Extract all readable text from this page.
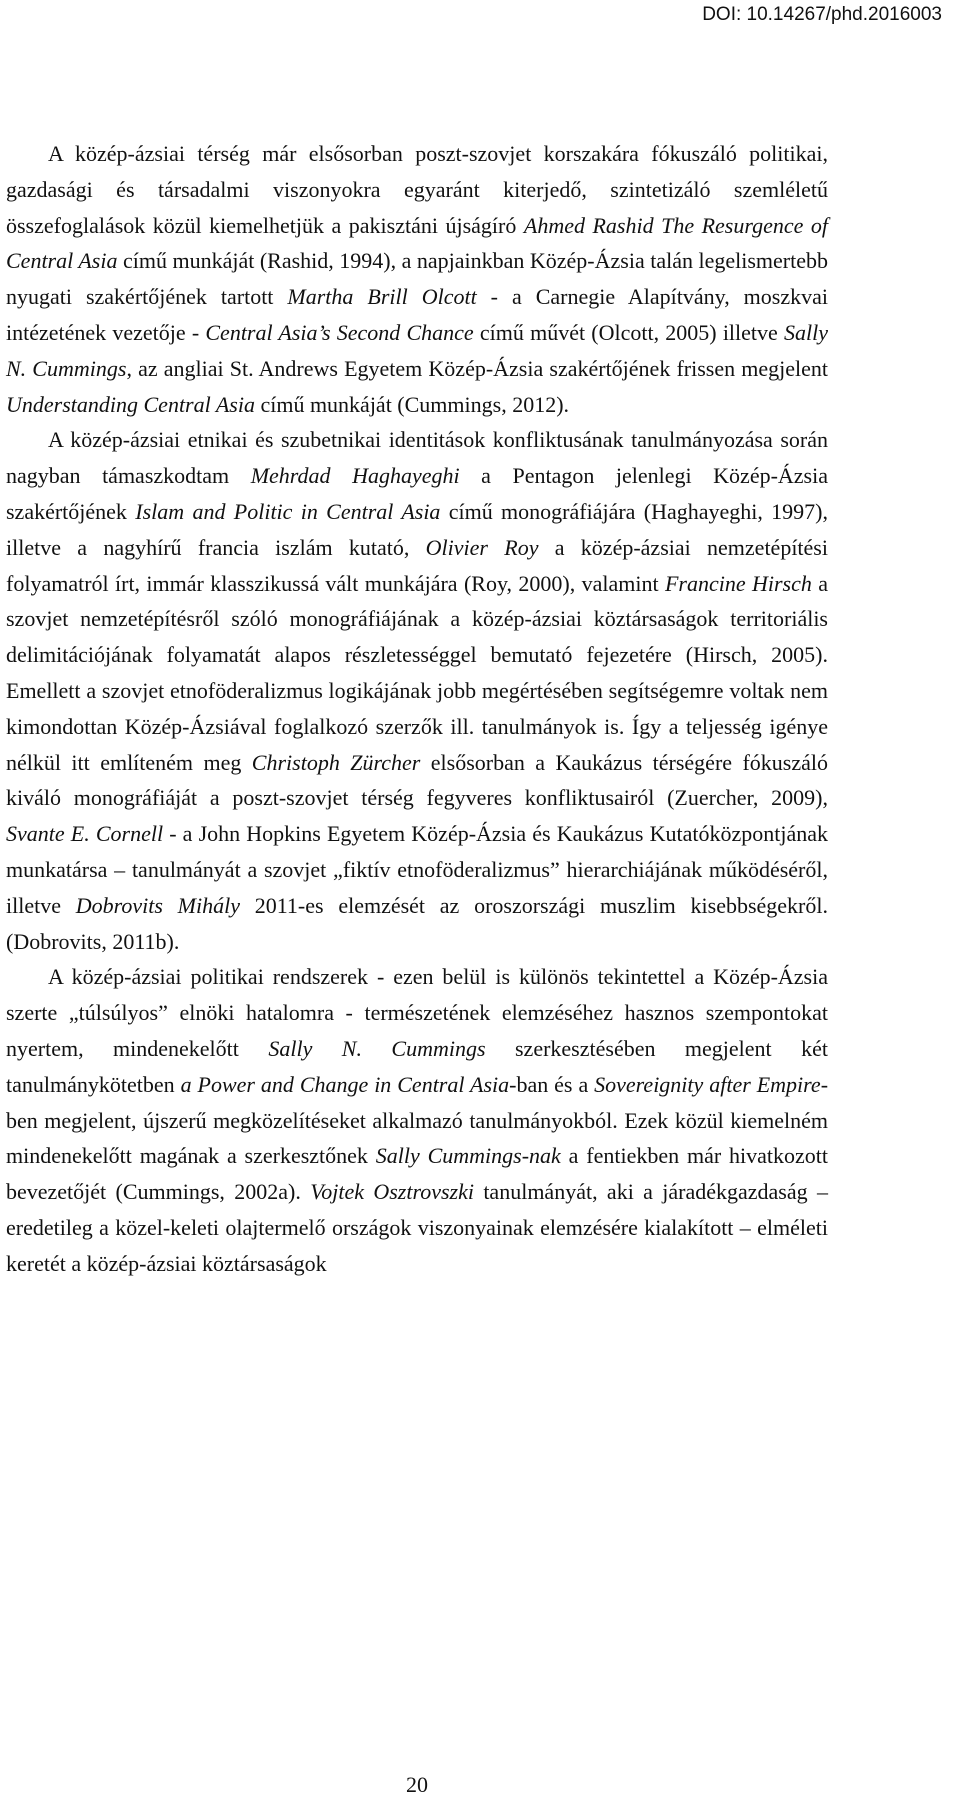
DOI: 10.14267/phd.2016003

A közép-ázsiai térség már elsősorban poszt-szovjet korszakára fókuszáló politikai, gazdasági és társadalmi viszonyokra egyaránt kiterjedő, szintetizáló szemléletű összefoglalások közül kiemelhetjük a pakisztáni újságíró Ahmed Rashid The Resurgence of Central Asia című munkáját (Rashid, 1994), a napjainkban Közép-Ázsia talán legelismertebb nyugati szakértőjének tartott Martha Brill Olcott - a Carnegie Alapítvány, moszkvai intézetének vezetője - Central Asia’s Second Chance című művét (Olcott, 2005) illetve Sally N. Cummings, az angliai St. Andrews Egyetem Közép-Ázsia szakértőjének frissen megjelent Understanding Central Asia című munkáját (Cummings, 2012).

A közép-ázsiai etnikai és szubetnikai identitások konfliktusának tanulmányozása során nagyban támaszkodtam Mehrdad Haghayeghi a Pentagon jelenlegi Közép-Ázsia szakértőjének Islam and Politic in Central Asia című monográfiájára (Haghayeghi, 1997), illetve a nagyhírű francia iszlám kutató, Olivier Roy a közép-ázsiai nemzetépítési folyamatról írt, immár klasszikussá vált munkájára (Roy, 2000), valamint Francine Hirsch a szovjet nemzetépítésről szóló monográfiájának a közép-ázsiai köztársaságok territoriális delimitációjának folyamatát alapos részletességgel bemutató fejezetére (Hirsch, 2005). Emellett a szovjet etnoföderalizmus logikájának jobb megértésében segítségemre voltak nem kimondottan Közép-Ázsiával foglalkozó szerzők ill. tanulmányok is. Így a teljesség igénye nélkül itt említeném meg Christoph Zürcher elsősorban a Kaukázus térségére fókuszáló kiváló monográfiáját a poszt-szovjet térség fegyveres konfliktusairól (Zuercher, 2009), Svante E. Cornell - a John Hopkins Egyetem Közép-Ázsia és Kaukázus Kutatóközpontjának munkatársa – tanulmányát a szovjet „fiktív etnoföderalizmus” hierarchiájának működéséről, illetve Dobrovits Mihály 2011-es elemzését az oroszországi muszlim kisebbségekről. (Dobrovits, 2011b).

A közép-ázsiai politikai rendszerek - ezen belül is különös tekintettel a Közép-Ázsia szerte „túlsúlyos” elnöki hatalomra - természetének elemzéséhez hasznos szempontokat nyertem, mindenekelőtt Sally N. Cummings szerkesztésében megjelent két tanulmánykötetben a Power and Change in Central Asia-ban és a Sovereignity after Empire-ben megjelent, újszerű megközelítéseket alkalmazó tanulmányokból. Ezek közül kiemelném mindenekelőtt magának a szerkesztőnek Sally Cummings-nak a fentiekben már hivatkozott bevezetőjét (Cummings, 2002a). Vojtek Osztrovszki tanulmányát, aki a járadékgazdaság – eredetileg a közel-keleti olajtermelő országok viszonyainak elemzésére kialakított – elméleti keretét a közép-ázsiai köztársaságok

20
